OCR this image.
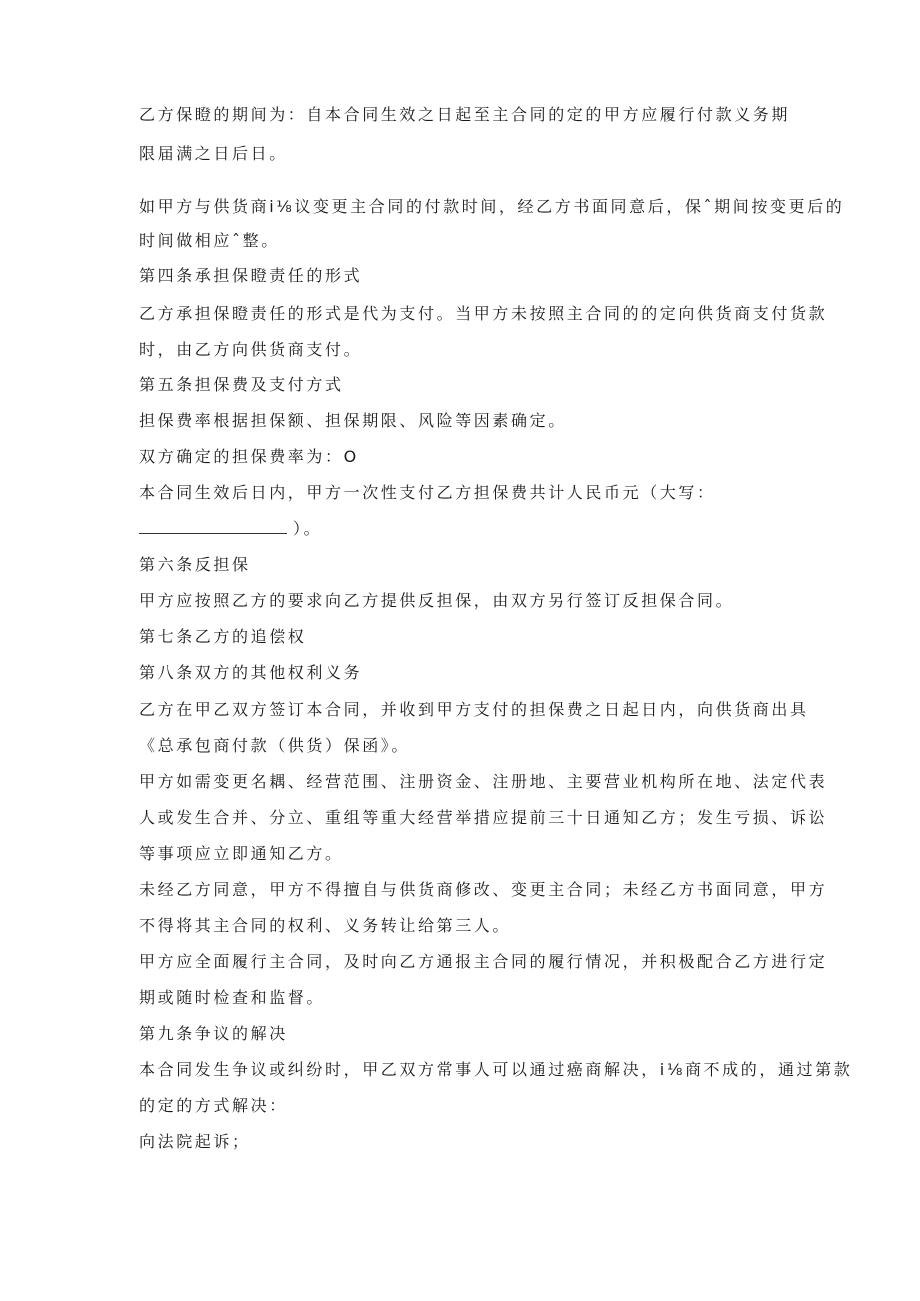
乙方保瞪的期间为：自本合同生效之日起至主合同的定的甲方应履行付款义务期
限届满之日后日。
如甲方与供货商i⅛议变更主合同的付款时间，经乙方书面同意后，保ˆ期间按变更后的
时间做相应ˆ整。
第四条承担保瞪责任的形式
乙方承担保瞪责任的形式是代为支付。当甲方未按照主合同的的定向供货商支付货款
时，由乙方向供货商支付。
第五条担保费及支付方式
担保费率根据担保额、担保期限、风险等因素确定。
双方确定的担保费率为：O
本合同生效后日内，甲方一次性支付乙方担保费共计人民币元（大写：
）。
第六条反担保
甲方应按照乙方的要求向乙方提供反担保，由双方另行签订反担保合同。
第七条乙方的追偿权
第八条双方的其他权利义务
乙方在甲乙双方签订本合同，并收到甲方支付的担保费之日起日内，向供货商出具
《总承包商付款（供货）保函》。
甲方如需变更名耦、经营范围、注册资金、注册地、主要营业机构所在地、法定代表
人或发生合并、分立、重组等重大经营举措应提前三十日通知乙方；发生亏损、诉讼
等事项应立即通知乙方。
未经乙方同意，甲方不得擅自与供货商修改、变更主合同；未经乙方书面同意，甲方
不得将其主合同的权利、义务转让给第三人。
甲方应全面履行主合同，及时向乙方通报主合同的履行情况，并积极配合乙方进行定
期或随时检查和监督。
第九条争议的解决
本合同发生争议或纠纷时，甲乙双方常事人可以通过癌商解决，i⅛商不成的，通过第款
的定的方式解决：
向法院起诉；
